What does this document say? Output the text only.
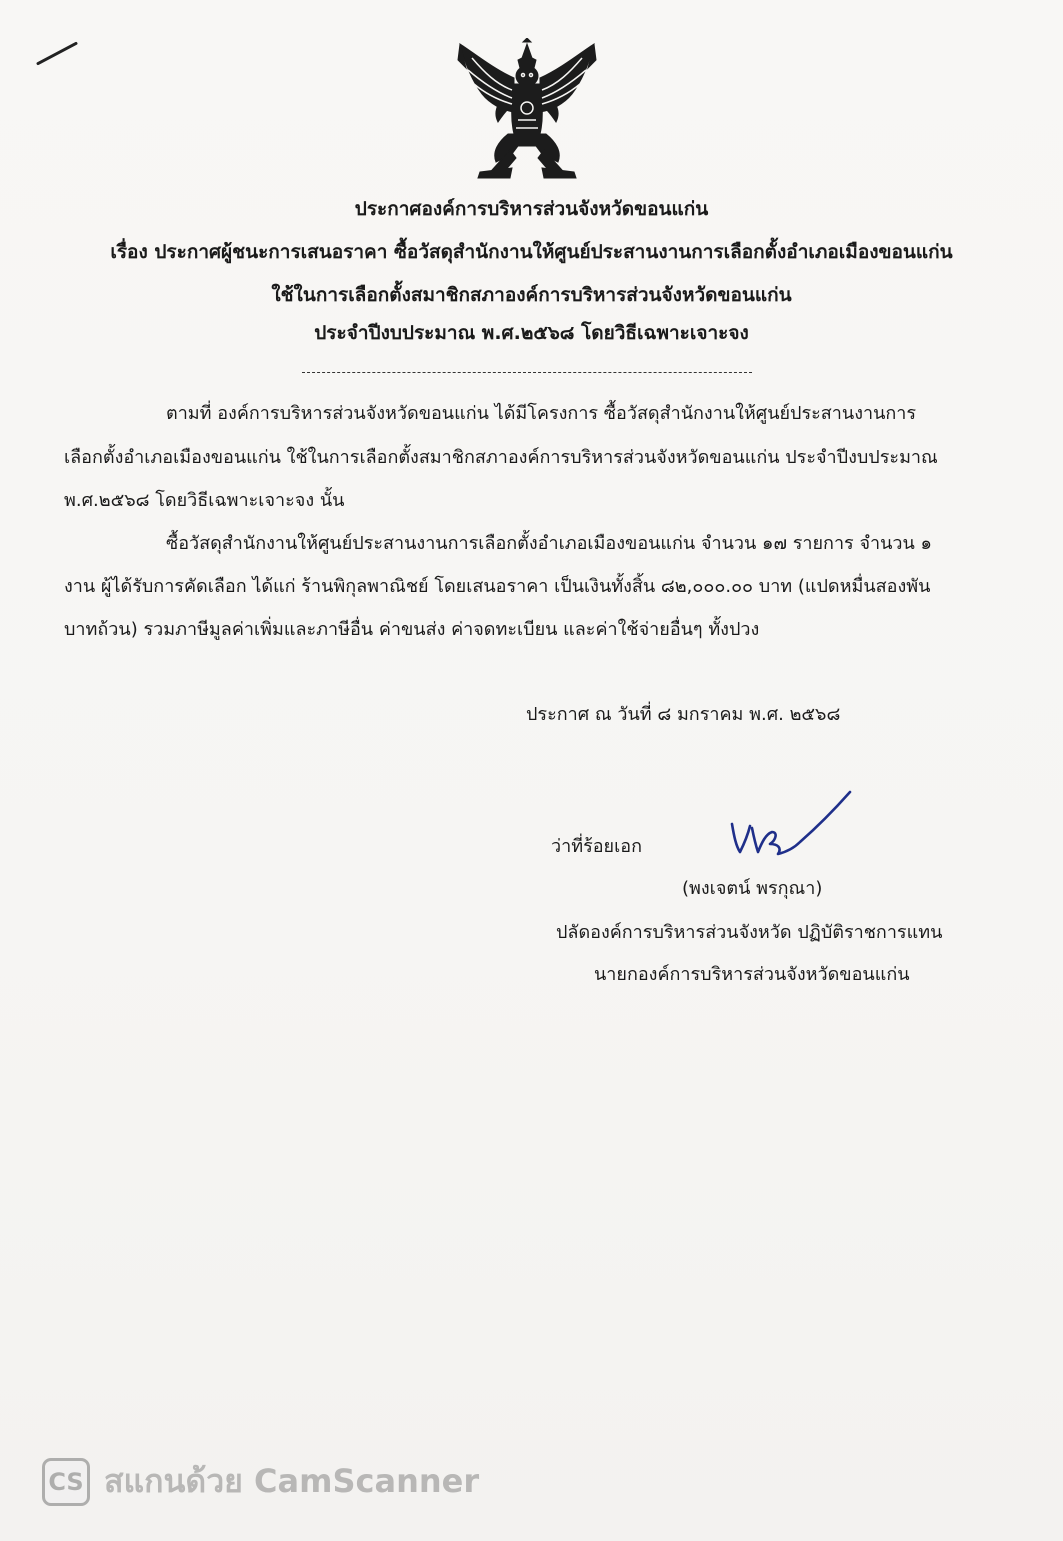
ประกาศองค์การบริหารส่วนจังหวัดขอนแก่น
เรื่อง ประกาศผู้ชนะการเสนอราคา ซื้อวัสดุสำนักงานให้ศูนย์ประสานงานการเลือกตั้งอำเภอเมืองขอนแก่น
ใช้ในการเลือกตั้งสมาชิกสภาองค์การบริหารส่วนจังหวัดขอนแก่น
ประจำปีงบประมาณ พ.ศ.๒๕๖๘ โดยวิธีเฉพาะเจาะจง
ตามที่ องค์การบริหารส่วนจังหวัดขอนแก่น ได้มีโครงการ ซื้อวัสดุสำนักงานให้ศูนย์ประสานงานการ
เลือกตั้งอำเภอเมืองขอนแก่น ใช้ในการเลือกตั้งสมาชิกสภาองค์การบริหารส่วนจังหวัดขอนแก่น ประจำปีงบประมาณ
พ.ศ.๒๕๖๘ โดยวิธีเฉพาะเจาะจง นั้น
ซื้อวัสดุสำนักงานให้ศูนย์ประสานงานการเลือกตั้งอำเภอเมืองขอนแก่น จำนวน ๑๗ รายการ จำนวน ๑
งาน ผู้ได้รับการคัดเลือก ได้แก่ ร้านพิกุลพาณิชย์ โดยเสนอราคา เป็นเงินทั้งสิ้น ๘๒,๐๐๐.๐๐ บาท (แปดหมื่นสองพัน
บาทถ้วน) รวมภาษีมูลค่าเพิ่มและภาษีอื่น ค่าขนส่ง ค่าจดทะเบียน และค่าใช้จ่ายอื่นๆ ทั้งปวง
ประกาศ ณ วันที่ ๘ มกราคม พ.ศ. ๒๕๖๘
ว่าที่ร้อยเอก
(พงเจตน์ พรกุณา)
ปลัดองค์การบริหารส่วนจังหวัด ปฏิบัติราชการแทน
นายกองค์การบริหารส่วนจังหวัดขอนแก่น
CS สแกนด้วย CamScanner
